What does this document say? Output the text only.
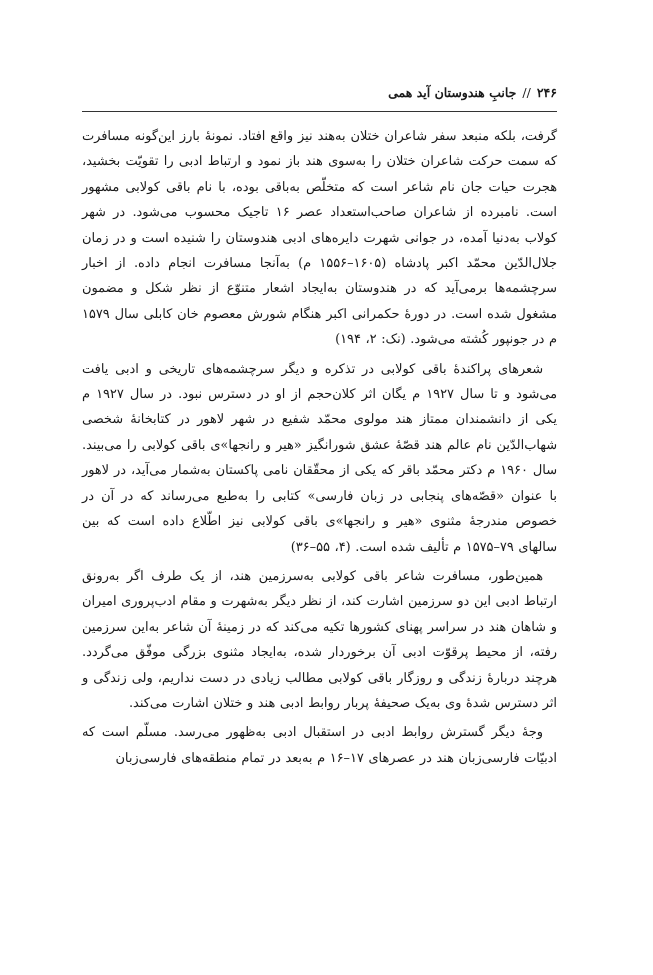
۲۴۶
//
جانبِ هندوستان آید همی

گرفت، بلکه منبعد سفر شاعران ختلان به‌هند نیز واقع افتاد. نمونهٔ بارز این‌گونه مسافرت که سمت حرکت شاعران ختلان را به‌سوی هند باز نمود و ارتباط ادبی را تقویّت بخشید، هجرت حیات جان نام شاعر است که متخلّص به‌باقی بوده، با نام باقی کولابی مشهور است. نامبرده از شاعران صاحب‌استعداد عصر ۱۶ تاجیک محسوب می‌شود. در شهر کولاب به‌دنیا آمده، در جوانی شهرت دایره‌های ادبی هندوستان را شنیده است و در زمان جلال‌الدّین محمّد اکبر پادشاه (۱۶۰۵–۱۵۵۶ م) به‌آنجا مسافرت انجام داده. از اخبار سرچشمه‌ها برمی‌آید که در هندوستان به‌ایجاد اشعار متنوّع از نظر شکل و مضمون مشغول شده است. در دورهٔ حکمرانی اکبر هنگام شورش معصوم خان کابلی سال ۱۵۷۹ م در جونپور کُشته می‌شود. (نک: ۲، ۱۹۴)

شعرهای پراکندهٔ باقی کولابی در تذکره و دیگر سرچشمه‌های تاریخی و ادبی یافت می‌شود و تا سال ۱۹۲۷ م یگان اثر کلان‌حجم از او در دسترس نبود. در سال ۱۹۲۷ م یکی از دانشمندان ممتاز هند مولوی محمّد شفیع در شهر لاهور در کتابخانهٔ شخصی شهاب‌الدّین نام عالم هند قصّهٔ عشق شورانگیز «هیر و رانجها»ی باقی کولابی را می‌بیند. سال ۱۹۶۰ م دکتر محمّد باقر که یکی از محقّقان نامی پاکستان به‌شمار می‌آید، در لاهور با عنوان «قصّه‌های پنجابی در زبان فارسی» کتابی را به‌طبع می‌رساند که در آن در خصوص مندرجهٔ مثنوی «هیر و رانجها»ی باقی کولابی نیز اطّلاع داده است که بین سالهای ۷۹–۱۵۷۵ م تألیف شده است. (۴، ۵۵–۳۶)

همین‌طور، مسافرت شاعر باقی کولابی به‌سرزمین هند، از یک طرف اگر به‌رونق ارتباط ادبی این دو سرزمین اشارت کند، از نظر دیگر به‌شهرت و مقام ادب‌پروری امیران و شاهان هند در سراسر پهنای کشورها تکیه می‌کند که در زمینهٔ آن شاعر به‌این سرزمین رفته، از محیط پرقوّت ادبی آن برخوردار شده، به‌ایجاد مثنوی بزرگی موفّق می‌گردد. هرچند دربارهٔ زندگی و روزگار باقی کولابی مطالب زیادی در دست نداریم، ولی زندگی و اثر دسترس شدهٔ وی به‌یک صحیفهٔ پربار روابط ادبی هند و ختلان اشارت می‌کند.

وجهٔ دیگر گسترش روابط ادبی در استقبال ادبی به‌ظهور می‌رسد. مسلّم است که ادبیّات فارسی‌زبان هند در عصرهای ۱۷–۱۶ م به‌بعد در تمام منطقه‌های فارسی‌زبان
